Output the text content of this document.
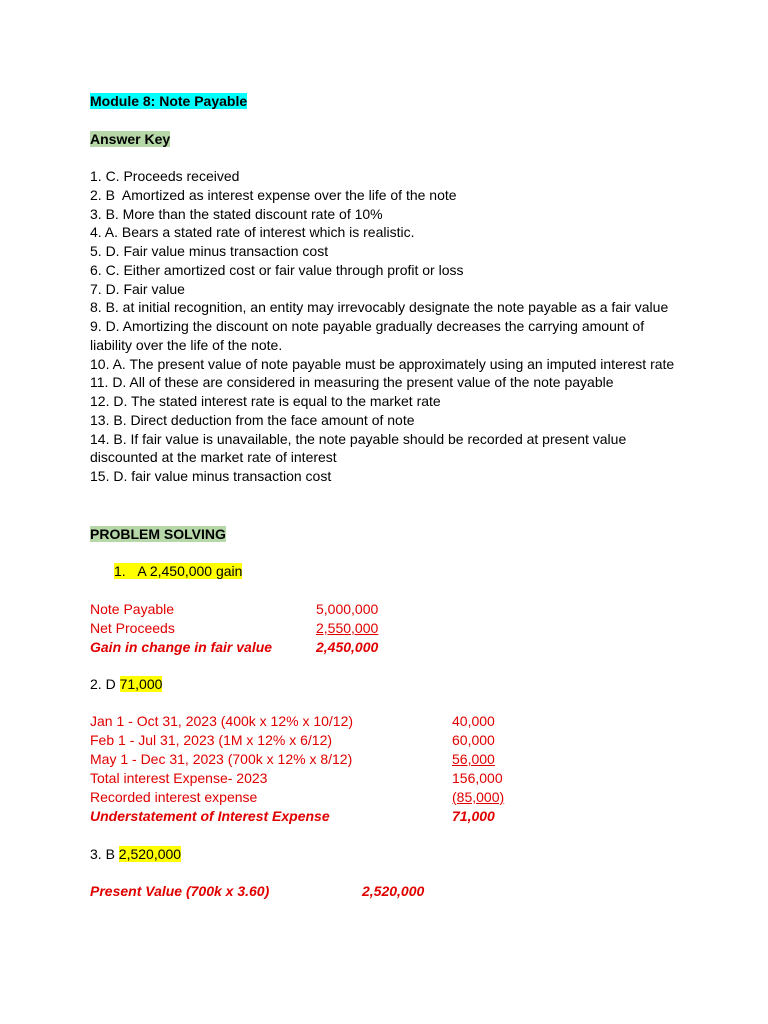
Module 8: Note Payable
Answer Key
1. C. Proceeds received
2. B  Amortized as interest expense over the life of the note
3. B. More than the stated discount rate of 10%
4. A. Bears a stated rate of interest which is realistic.
5. D. Fair value minus transaction cost
6. C. Either amortized cost or fair value through profit or loss
7. D. Fair value
8. B. at initial recognition, an entity may irrevocably designate the note payable as a fair value
9. D. Amortizing the discount on note payable gradually decreases the carrying amount of
liability over the life of the note.
10. A. The present value of note payable must be approximately using an imputed interest rate
11. D. All of these are considered in measuring the present value of the note payable
12. D. The stated interest rate is equal to the market rate
13. B. Direct deduction from the face amount of note
14. B. If fair value is unavailable, the note payable should be recorded at present value
discounted at the market rate of interest
15. D. fair value minus transaction cost
PROBLEM SOLVING
1. A 2,450,000 gain
Note Payable	5,000,000
Net Proceeds	2,550,000
Gain in change in fair value	2,450,000
2. D 71,000
Jan 1 - Oct 31, 2023 (400k x 12% x 10/12)	40,000
Feb 1 - Jul 31, 2023 (1M x 12% x 6/12)	60,000
May 1 - Dec 31, 2023 (700k x 12% x 8/12)	56,000
Total interest Expense- 2023	156,000
Recorded interest expense	(85,000)
Understatement of Interest Expense	71,000
3. B 2,520,000
Present Value (700k x 3.60)	2,520,000
